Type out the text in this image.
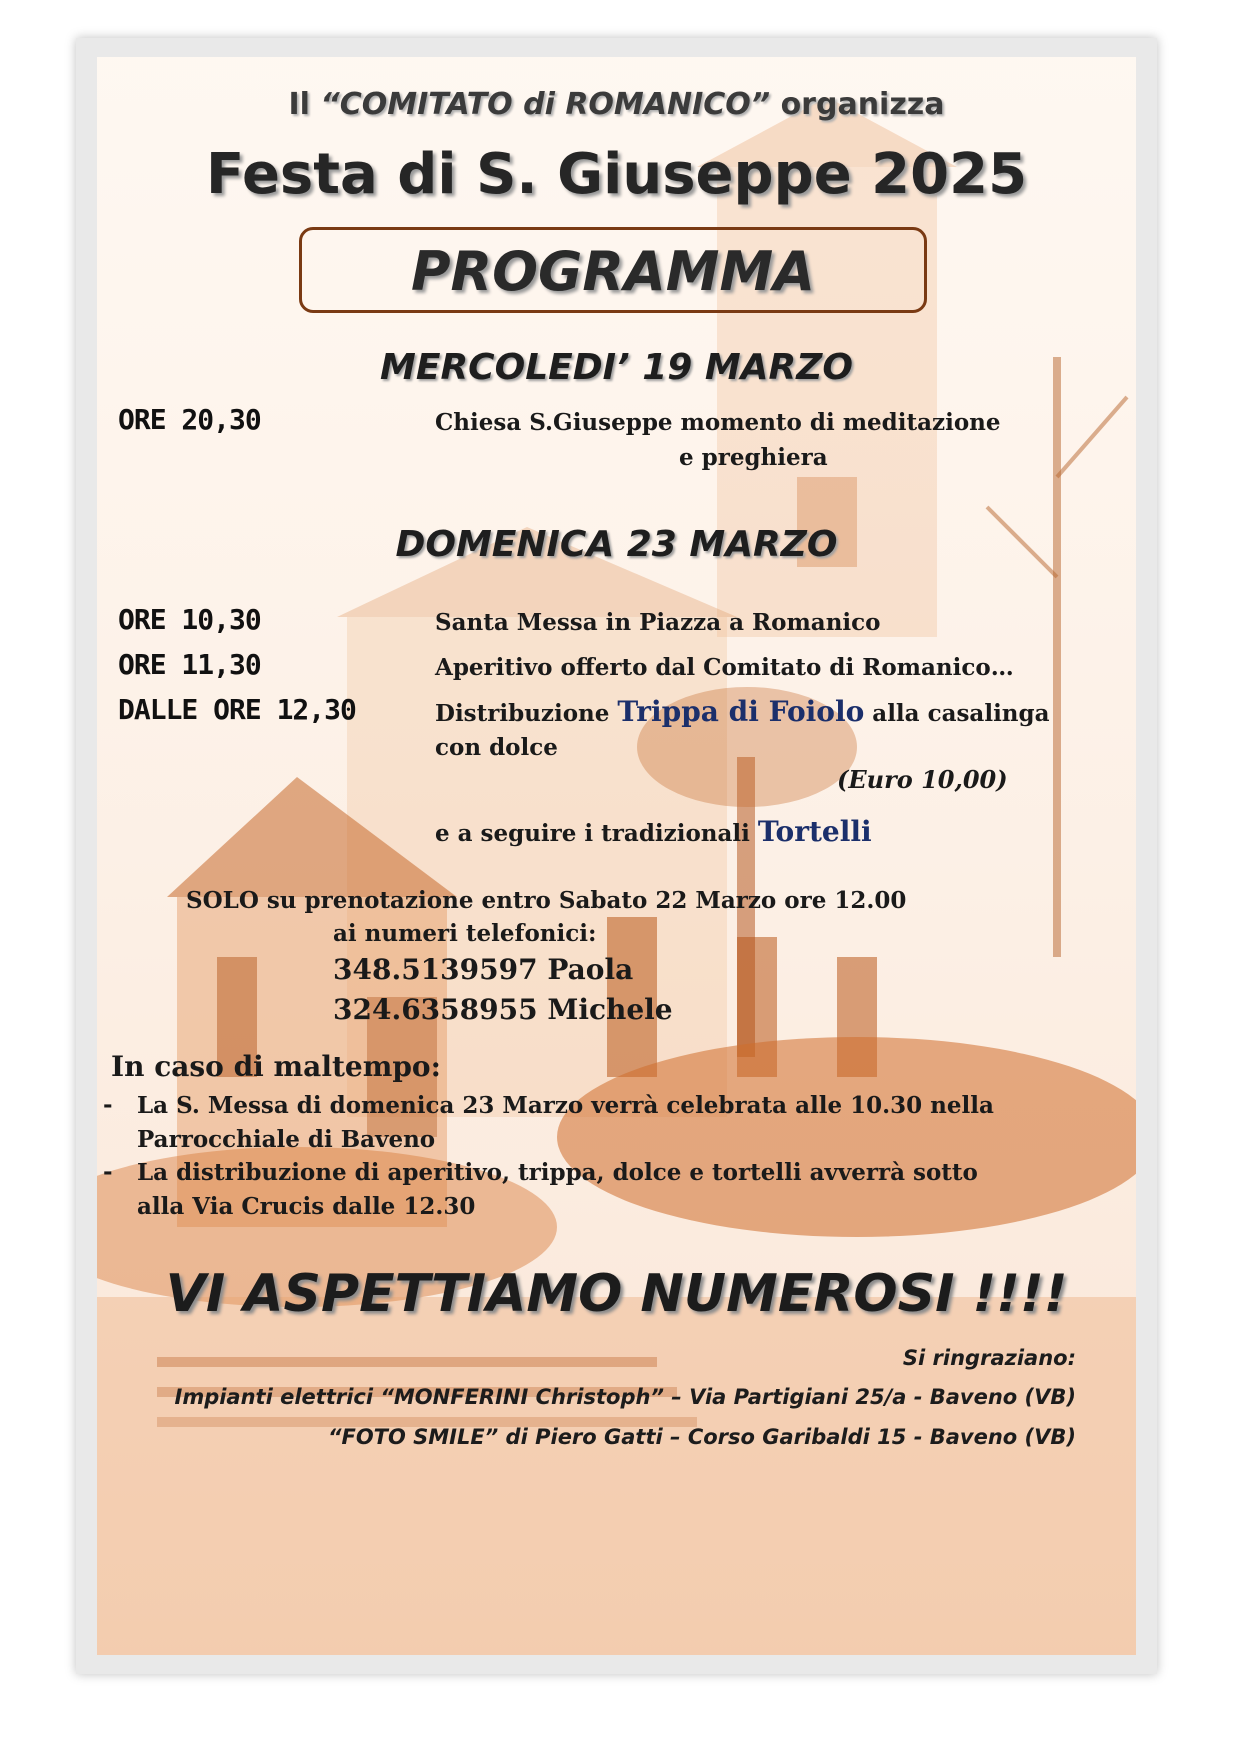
Il “COMITATO di ROMANICO” organizza
Festa di S. Giuseppe 2025
PROGRAMMA
MERCOLEDI’ 19 MARZO
ORE 20,30	Chiesa S.Giuseppe momento di meditazione
e preghiera
DOMENICA 23 MARZO
ORE 10,30	Santa Messa in Piazza a Romanico
ORE 11,30	Aperitivo offerto dal Comitato di Romanico…
DALLE ORE 12,30	Distribuzione Trippa di Foiolo alla casalinga
con dolce
(Euro 10,00)
e a seguire i tradizionali Tortelli
SOLO su prenotazione entro Sabato 22 Marzo ore 12.00
ai numeri telefonici:
348.5139597 Paola
324.6358955 Michele
In caso di maltempo:
- La S. Messa di domenica 23 Marzo verrà celebrata alle 10.30 nella Parrocchiale di Baveno
- La distribuzione di aperitivo, trippa, dolce e tortelli avverrà sotto alla Via Crucis dalle 12.30
VI ASPETTIAMO NUMEROSI !!!!
Si ringraziano:
Impianti elettrici “MONFERINI Christoph” – Via Partigiani 25/a - Baveno (VB)
“FOTO SMILE” di Piero Gatti – Corso Garibaldi 15 - Baveno (VB)
